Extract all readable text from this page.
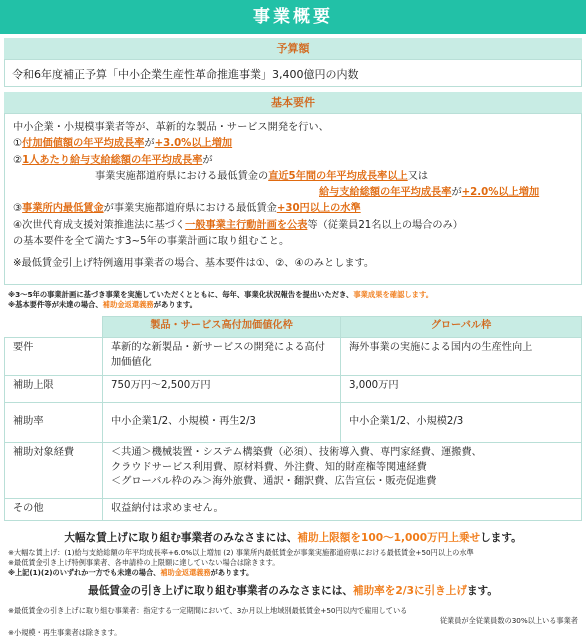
事業概要
予算額
令和6年度補正予算「中小企業生産性革命推進事業」3,400億円の内数
基本要件
中小企業・小規模事業者等が、革新的な製品・サービス開発を行い、
①付加価値額の年平均成長率が+3.0%以上増加
②1人あたり給与支給総額の年平均成長率が
事業実施都道府県における最低賃金の直近5年間の年平均成長率以上又は
給与支給総額の年平均成長率が+2.0%以上増加
③事業所内最低賃金が事業実施都道府県における最低賃金+30円以上の水準
④次世代育成支援対策推進法に基づく一般事業主行動計画を公表等（従業員21名以上の場合のみ）
の基本要件を全て満たす3~5年の事業計画に取り組むこと。
※最低賃金引上げ特例適用事業者の場合、基本要件は①、②、④のみとします。
※3～5年の事業計画に基づき事業を実施していただくとともに、毎年、事業化状況報告を提出いただき、事業成果を確認します。
※基本要件等が未達の場合、補助金返還義務があります。
	製品・サービス高付加価値化枠	グローバル枠
要件	革新的な新製品・新サービスの開発による高付加価値化	海外事業の実施による国内の生産性向上
補助上限	750万円～2,500万円	3,000万円
補助率	中小企業1/2、小規模・再生2/3	中小企業1/2、小規模2/3
補助対象経費	＜共通＞機械装置・システム構築費（必須）、技術導入費、専門家経費、運搬費、
クラウドサービス利用費、原材料費、外注費、知的財産権等関連経費
＜グローバル枠のみ＞海外旅費、通訳・翻訳費、広告宣伝・販売促進費	

その他	収益納付は求めません。	
大幅な賃上げに取り組む事業者のみなさまには、補助上限額を100～1,000万円上乗せします。
※大幅な賃上げ：(1)給与支給総額の年平均成長率+6.0%以上増加 (2) 事業所内最低賃金が事業実施都道府県における最低賃金+50円以上の水準
※最低賃金引き上げ特例事業者、各申請枠の上限額に達していない場合は除きます。
※上記(1)(2)のいずれか一方でも未達の場合、補助金返還義務があります。
最低賃金の引き上げに取り組む事業者のみなさまには、補助率を2/3に引き上げます。
※最低賃金の引き上げに取り組む事業者：指定する一定期間において、3か月以上地域別最低賃金+50円以内で雇用している
従業員が全従業員数の30%以上いる事業者
※小規模・再生事業者は除きます。
